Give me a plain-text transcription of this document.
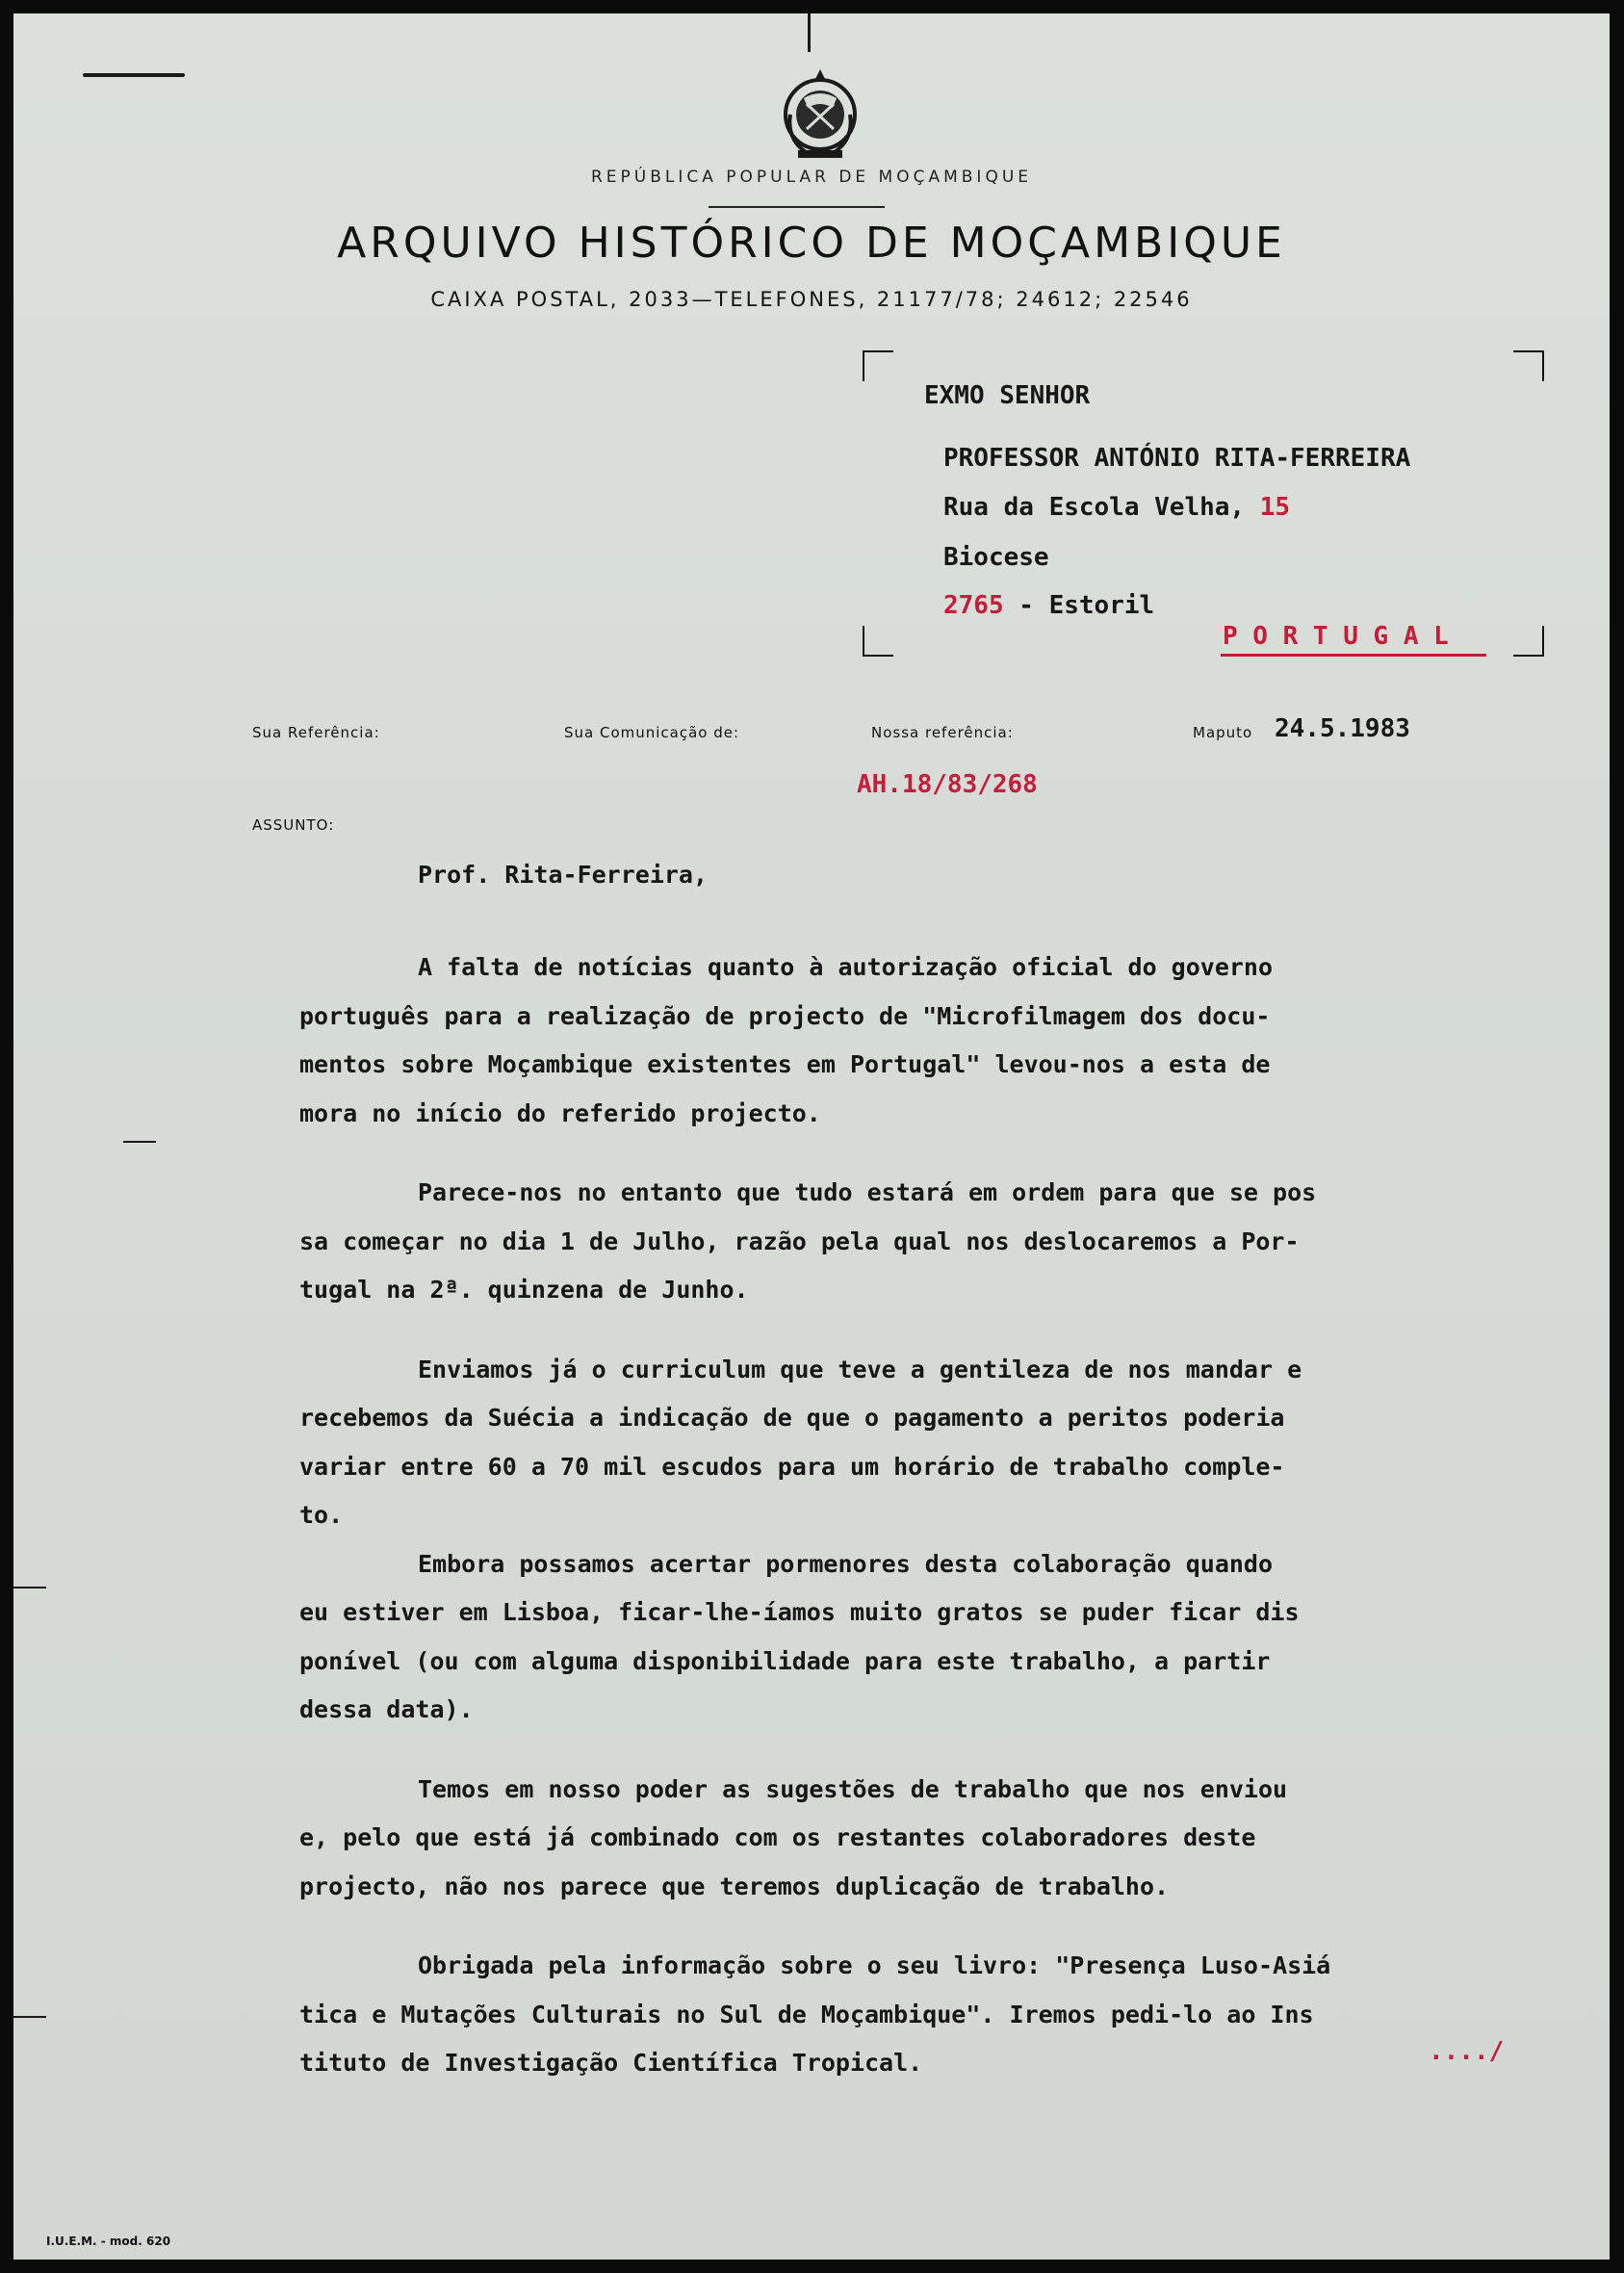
REPÚBLICA POPULAR DE MOÇAMBIQUE
ARQUIVO HISTÓRICO DE MOÇAMBIQUE
CAIXA POSTAL, 2033—TELEFONES, 21177/78; 24612; 22546
EXMO SENHOR
PROFESSOR ANTÓNIO RITA-FERREIRA
Rua da Escola Velha, 15
Biocese
2765 - Estoril
P O R T U G A L
Sua Referência:	Sua Comunicação de:	Nossa referência:	Maputo 24.5.1983
AH.18/83/268
ASSUNTO:

Prof. Rita-Ferreira,

A falta de notícias quanto à autorização oficial do governo

português para a realização de projecto de "Microfilmagem dos docu-

mentos sobre Moçambique existentes em Portugal" levou-nos a esta de

mora no início do referido projecto.

Parece-nos no entanto que tudo estará em ordem para que se pos

sa começar no dia 1 de Julho, razão pela qual nos deslocaremos a Por-

tugal na 2ª. quinzena de Junho.

Enviamos já o curriculum que teve a gentileza de nos mandar e

recebemos da Suécia a indicação de que o pagamento a peritos poderia

variar entre 60 a 70 mil escudos para um horário de trabalho comple-

to.

Embora possamos acertar pormenores desta colaboração quando

eu estiver em Lisboa, ficar-lhe-íamos muito gratos se puder ficar dis

ponível (ou com alguma disponibilidade para este trabalho, a partir

dessa data).

Temos em nosso poder as sugestões de trabalho que nos enviou

e, pelo que está já combinado com os restantes colaboradores deste

projecto, não nos parece que teremos duplicação de trabalho.

Obrigada pela informação sobre o seu livro: "Presença Luso-Asiá

tica e Mutações Culturais no Sul de Moçambique". Iremos pedi-lo ao Ins

tituto de Investigação Científica Tropical.	..../
I.U.E.M. - mod. 620
